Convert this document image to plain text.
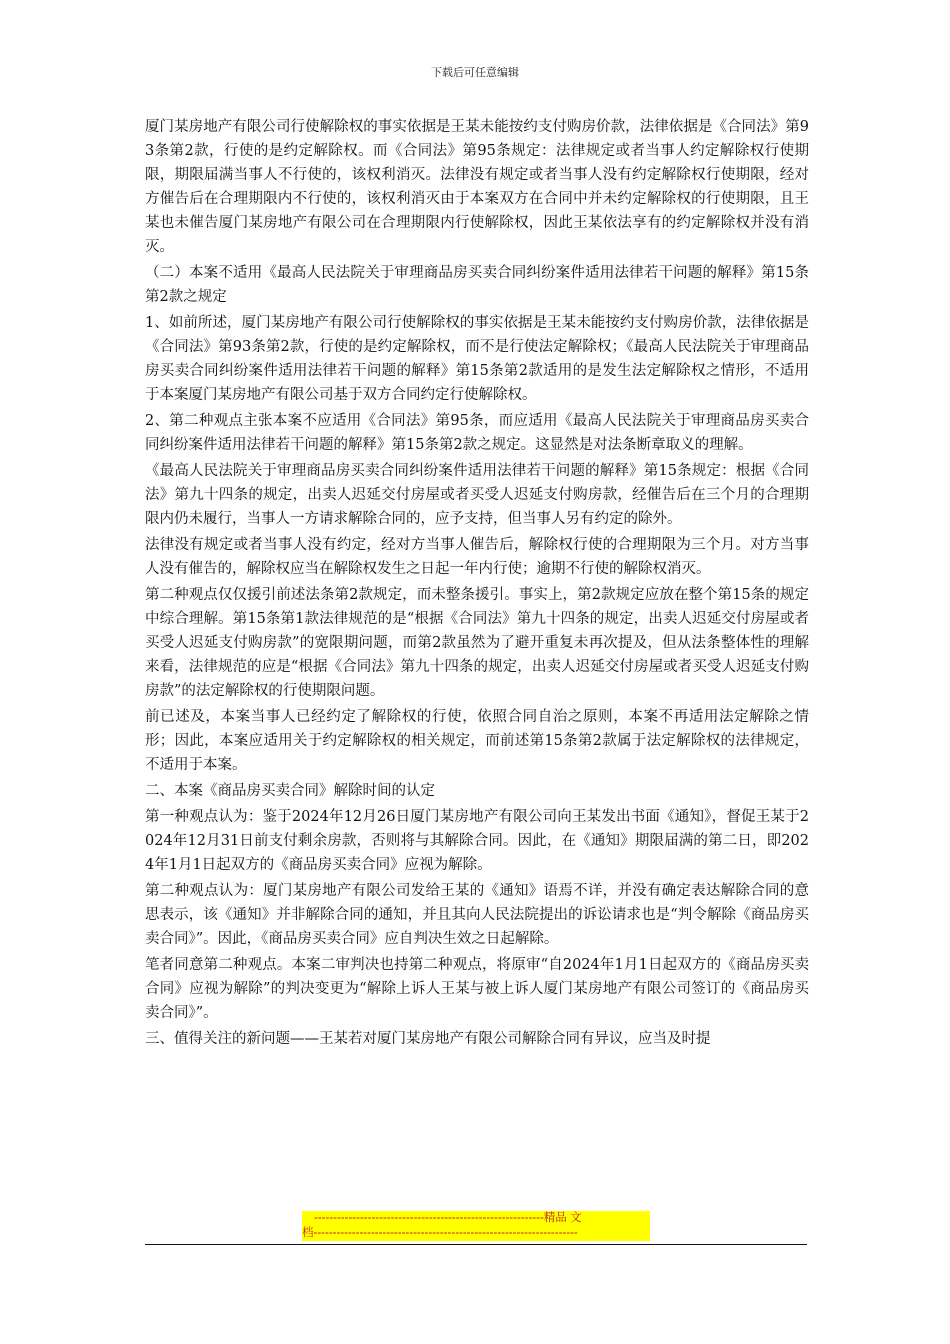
下载后可任意编辑

厦门某房地产有限公司行使解除权的事实依据是王某未能按约支付购房价款，法律依据是《合同法》第93条第2款，行使的是约定解除权。而《合同法》第95条规定：法律规定或者当事人约定解除权行使期限，期限届满当事人不行使的，该权利消灭。法律没有规定或者当事人没有约定解除权行使期限，经对方催告后在合理期限内不行使的，该权利消灭由于本案双方在合同中并未约定解除权的行使期限，且王某也未催告厦门某房地产有限公司在合理期限内行使解除权，因此王某依法享有的约定解除权并没有消灭。

（二）本案不适用《最高人民法院关于审理商品房买卖合同纠纷案件适用法律若干问题的解释》第15条第2款之规定

1、如前所述，厦门某房地产有限公司行使解除权的事实依据是王某未能按约支付购房价款，法律依据是《合同法》第93条第2款，行使的是约定解除权，而不是行使法定解除权；《最高人民法院关于审理商品房买卖合同纠纷案件适用法律若干问题的解释》第15条第2款适用的是发生法定解除权之情形，不适用于本案厦门某房地产有限公司基于双方合同约定行使解除权。

2、第二种观点主张本案不应适用《合同法》第95条，而应适用《最高人民法院关于审理商品房买卖合同纠纷案件适用法律若干问题的解释》第15条第2款之规定。这显然是对法条断章取义的理解。

《最高人民法院关于审理商品房买卖合同纠纷案件适用法律若干问题的解释》第15条规定：根据《合同法》第九十四条的规定，出卖人迟延交付房屋或者买受人迟延支付购房款，经催告后在三个月的合理期限内仍未履行，当事人一方请求解除合同的，应予支持，但当事人另有约定的除外。

法律没有规定或者当事人没有约定，经对方当事人催告后，解除权行使的合理期限为三个月。对方当事人没有催告的，解除权应当在解除权发生之日起一年内行使；逾期不行使的解除权消灭。

第二种观点仅仅援引前述法条第2款规定，而未整条援引。事实上，第2款规定应放在整个第15条的规定中综合理解。第15条第1款法律规范的是“根据《合同法》第九十四条的规定，出卖人迟延交付房屋或者买受人迟延支付购房款”的宽限期问题，而第2款虽然为了避开重复未再次提及，但从法条整体性的理解来看，法律规范的应是“根据《合同法》第九十四条的规定，出卖人迟延交付房屋或者买受人迟延支付购房款”的法定解除权的行使期限问题。

前已述及，本案当事人已经约定了解除权的行使，依照合同自治之原则，本案不再适用法定解除之情形；因此，本案应适用关于约定解除权的相关规定，而前述第15条第2款属于法定解除权的法律规定，不适用于本案。

二、本案《商品房买卖合同》解除时间的认定

第一种观点认为：鉴于2024年12月26日厦门某房地产有限公司向王某发出书面《通知》，督促王某于2024年12月31日前支付剩余房款，否则将与其解除合同。因此，在《通知》期限届满的第二日，即2024年1月1日起双方的《商品房买卖合同》应视为解除。

第二种观点认为：厦门某房地产有限公司发给王某的《通知》语焉不详，并没有确定表达解除合同的意思表示，该《通知》并非解除合同的通知，并且其向人民法院提出的诉讼请求也是“判令解除《商品房买卖合同》”。因此，《商品房买卖合同》应自判决生效之日起解除。

笔者同意第二种观点。本案二审判决也持第二种观点，将原审“自2024年1月1日起双方的《商品房买卖合同》应视为解除”的判决变更为“解除上诉人王某与被上诉人厦门某房地产有限公司签订的《商品房买卖合同》”。

三、值得关注的新问题——王某若对厦门某房地产有限公司解除合同有异议，应当及时提

------------------------------------------------------------精品 文
档---------------------------------------------------------------------
